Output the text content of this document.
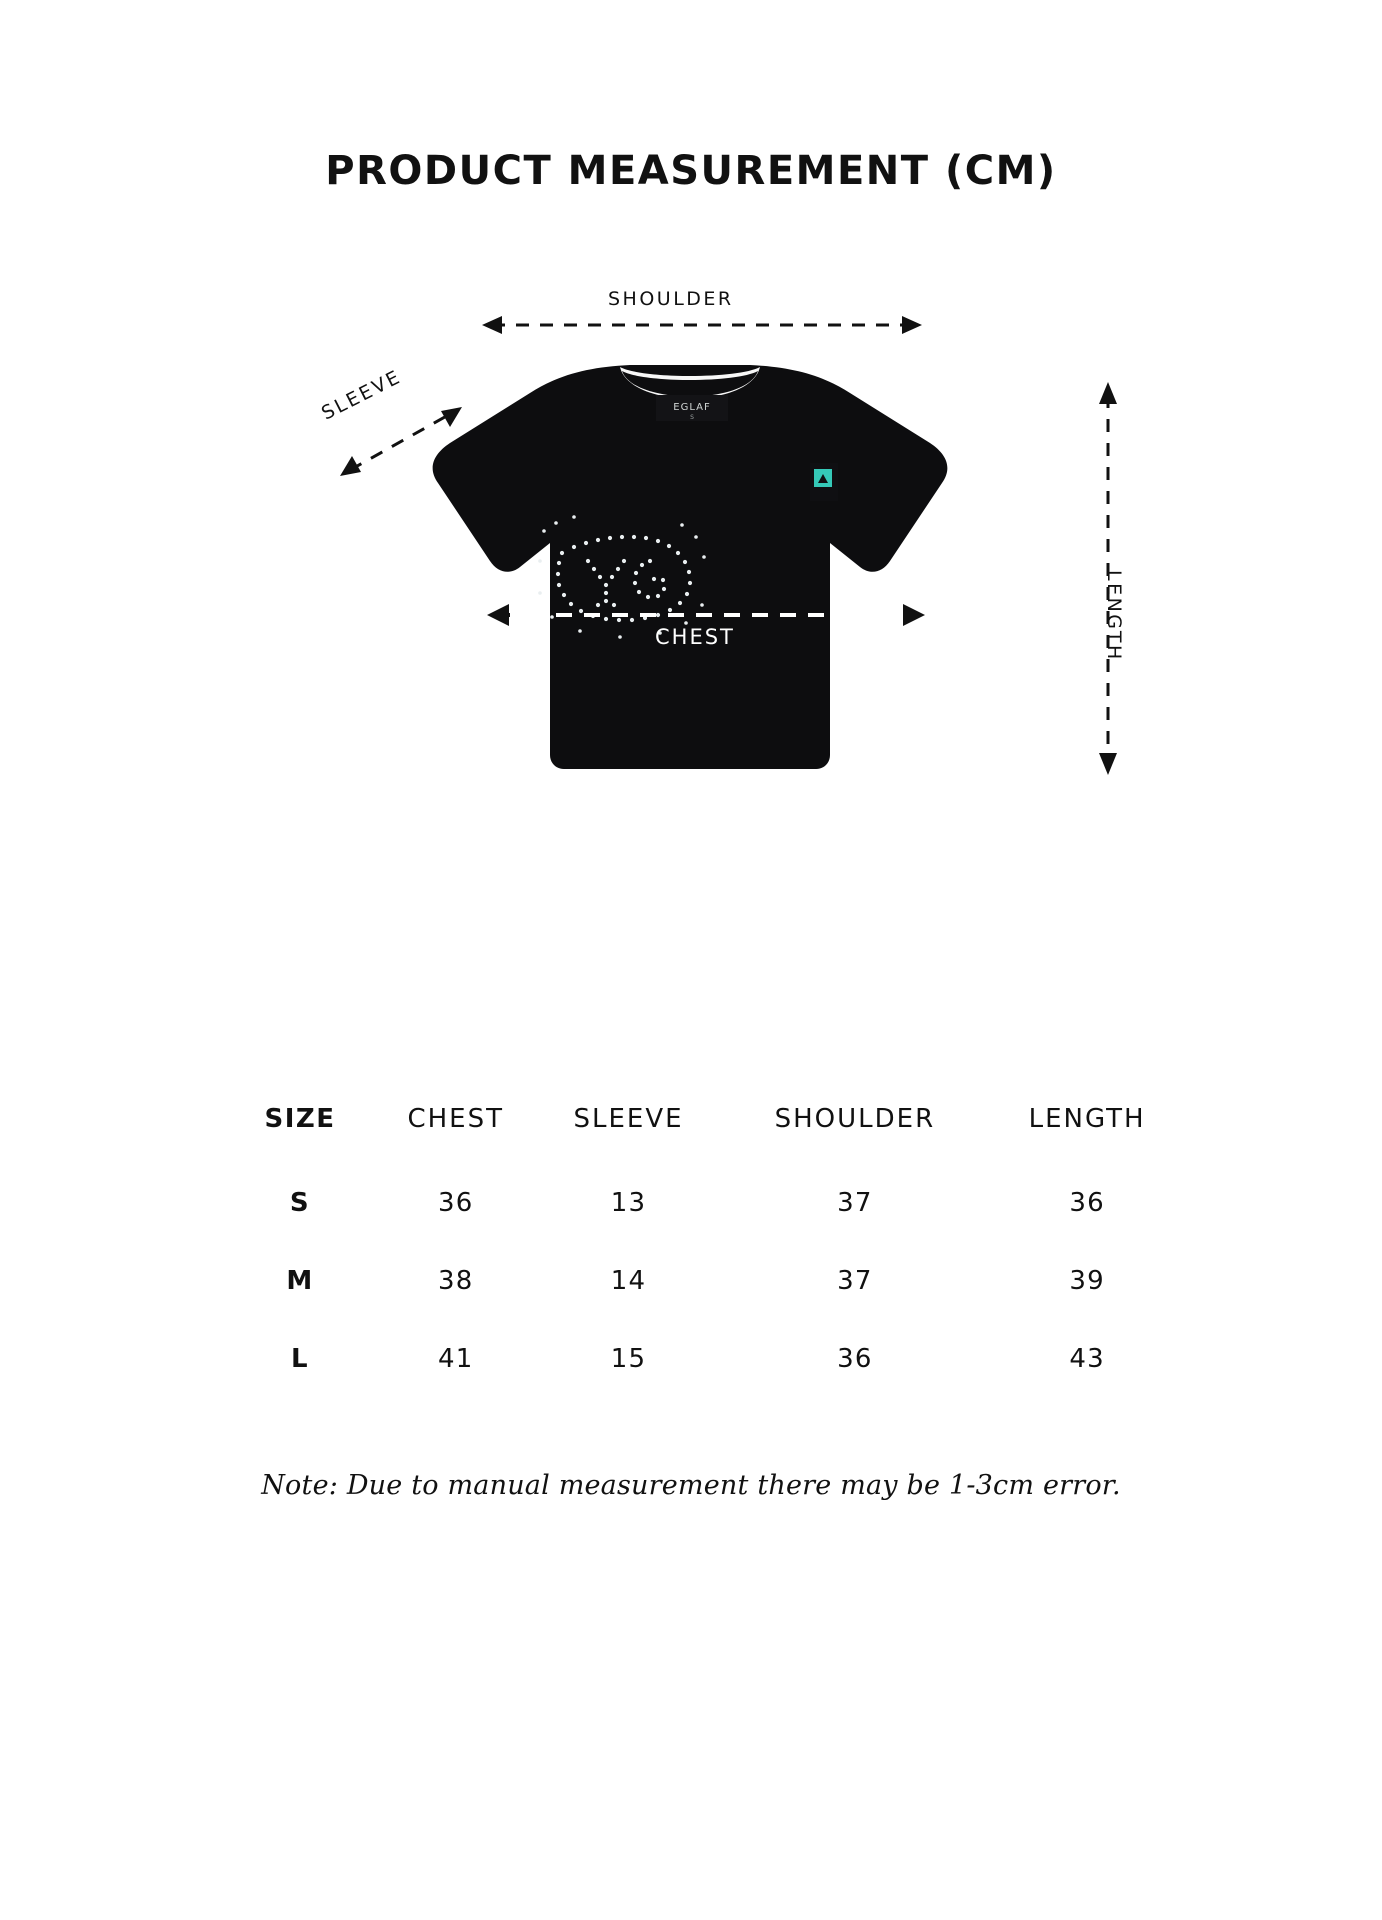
PRODUCT MEASUREMENT (CM)
EGLAF
S
SHOULDER
SLEEVE
LENGTH
CHEST
SIZE	CHEST	SLEEVE	SHOULDER	LENGTH
S	36	13	37	36
M	38	14	37	39
L	41	15	36	43
Note: Due to manual measurement there may be 1-3cm error.
